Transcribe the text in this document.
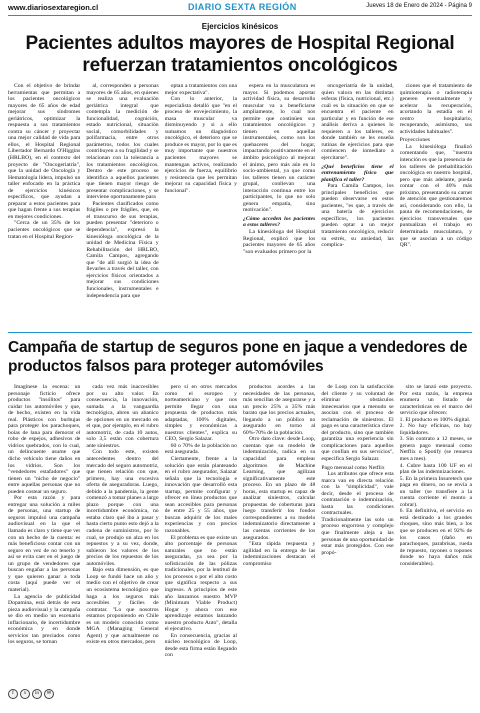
www.diariosextaregion.cl	DIARIO SEXTA REGIÓN	Jueves 18 de Enero de 2024 - Página 9
Ejercicios kinésicos
Pacientes adultos mayores de Hospital Regional refuerzan tratamientos oncológicos

Con el objetivo de brindar herramientas que permitan a los pacientes oncológicos mayores de 65 años de edad mejorar sus síndromes geriátricos, optimizar la respuesta a sus tratamientos contra su cáncer y proyectar una mejor calidad de vida para ellos, el Hospital Regional Libertador Bernardo O'Higgins (HRLBO), en el contexto del proyecto de "Oncogeriatría", que la unidad de Oncología y Hematología lidera, impulsó un taller enfocado en la práctica de ejercicios kinésicos específicos, que ayudan a preparar a estos pacientes para que hagan frente a sus terapias en mejores condiciones.

"Cerca de un 35% de los pacientes oncológicos que se tratan en el Hospital Region-

al, corresponden a personas mayores de 65 años, en quienes se realiza una evaluación geriátrica integral que contempla la medición de funcionalidad, cognición, estado nutricional, situación social, comorbilidades y polifarmacia, entre otros parámetros, todos los cuales contribuyen a su fragilidad y se relacionan con la tolerancia a los tratamientos oncológicos. Dentro de este proceso se identifica a aquellos pacientes que tienen mayor riesgo de presentar complicaciones, y se interviene oportunamente para

Pacientes clasificados como frágiles o pre frágiles, que, en el transcurso de sus terapias, pueden presentar "deterioro o dependencia", expresó la kinesióloga oncológica de la unidad de Medicina Física y Rehabilitación del HRLBO, Camila Campos, agregando que "de allí surgió la idea de llevarles a través del taller, con ejercicios físicos orientados a mejorar sus condiciones funcionales, instrumentales e independencia para que

optan a tratamientos con una mejor expectativa".

Con lo anterior, la especialista detalló que "en el proceso de envejecimiento, la masa muscular va disminuyendo y si a ello sumamos un diagnóstico oncológico, el deterioro que se produce es mayor, por lo que es muy importante que nuestros pacientes mayores se mantengan activos, realizando ejercicios de fuerza, equilibrio y resistencia que les permitan mejorar su capacidad física y funcional".

espera en la musculatura es mayor. Si podemos aportar actividad física, su desarrollo muscular va a beneficiarse ampliamente, lo cual nos permite que continúen sus tratamientos oncológicos y tienen en aquellas instrumentales, como son los quehaceres del hogar, impactando positivamente en el ámbito psicológico al mejorar el ánimo, pero más aún en lo socio-ambiental, ya que como los talleres tienen un carácter grupal, conllevan una interacción continua entre los participantes, lo que no solo genera empatía, sino motivación".

¿Cómo acceden los pacientes a estos talleres?

La kinesióloga del Hospital Regional, explicó que los pacientes mayores de 65 años "son evaluados primero por la

oncogeriatría de la unidad, quien valora en las distintas esferas (física, nutricional, etc.) cuál es la situación en que se encuentra el paciente en particular y en función de ese análisis deriva a quienes lo requieren a los talleres, en donde también se les enseña rutinas de ejercicios para que comiencen de inmediato a ejercitarse".

¿Qué beneficios tiene el entrenamiento físico que planifica el taller?

Para Camila Campos, los principales beneficios que pueden observarse en estos pacientes, "es que, a través de una batería de ejercicios específicos, los pacientes pueden optar a un mejor tratamiento oncológico, reducir su estrés, su ansiedad, las complica-

ciones que el tratamiento de quimioterapia o radioterapia generen eventualmente y acelerar la recuperación, acortando la estadía en el centro hospitalario, recuperando, asimismo, sus actividades habituales".

Proyecciones

La kinesióloga finalizó comentando que, "nuestra intención es que la presencia de los talleres de prehabilitación oncológica en nuestro hospital, pero que más adelante, pueda contar con el 40% más próximo, presentando su carnet de atención que gestionaremos así, considerando con ello, la pauta de recomendaciones, de ejercicios transversales que puntualizan el trabajo en determinada musculatura, y que se asocian a un código QR".

Campaña de startup de seguros pone en jaque a vendedores de productos falsos para proteger automóviles

Imagínese la escena: un personaje ficticio ofrece productos "insólitos" para cuidar los automóviles y que, de hecho, existen en la vida real. Plásticos con burbujas para proteger los parachoques, boías de lana para demorar el robo de espejos, adhesivos de vidrios quebrados, con lo cual, un delincuente asume que dicho vehículo tiene daños en los vidrios. Son los "vendedores estafadores" que tienen un "nicho de negocio" entre aquellas personas que no pueden costear un seguro.

Por esta razón y para entregar una solución a miles de personas, una startup de seguros impulsó una campaña audiovisual en la que el llamado es claro y tiene que ver con un hecho de la cuenta: es más beneficioso contar con un seguro en vez de no tenerlo y así se evita caer en el juego de un grupo de vendedores que buscan engañar a las personas y que quieren ganar a toda costa (aquí puede ver el material).

La agencia de publicidad Dopamina, está detrás de esta pieza audiovisual y la campaña se dio en medio un escenario inflacionario, de incertidumbre económica y en donde servicios tan preciados como los seguros, se tornan

cada vez más inaccesibles por su alto valor. En consecuencia, la innovación, sumada a la vanguardia tecnológica, abren un abanico de opciones en un mercado en el que, por ejemplo, en el rubro automotriz, de cada 10 autos, solo 3,5 están con cobertura ante siniestros.

Con todo este, existen antecedentes dentro del mercado del seguro automotriz, que tienen relación con que, primero, hay una excesiva oferta de aseguradoras. Luego, debido a la pandemia, la gente comenzó a tomar planes a largo plazo porque con una incertidumbre económica, no estaba claro qué iba a pasar y hasta cierto punto esto dejó a la cadena de suministros, por lo cual, se produjo un alza en los repuestos y a su vez, donde, subieron los valores de los precios de los repuestos de los automóviles.

Bajo esta dimensión, es que Loop se fundó hace un año y medio con el objetivo de crear un ecosistema tecnológico que haga a los seguros más accesibles y fáciles de contratar. "Lo que nosotros estamos proponiendo en Chile es un modelo conocido como MGA (Managing General Agent) y que actualmente no existe en otros mercados, pero

pero si en otros mercados como el europeo y norteamericano y que nos permite llegar con una propuesta de productos más adaptadas, 100% digitales, simples y económicas a nuestros clientes", explica su CEO, Sergio Salazar.

60 o 70% de la población no está asegurada.

Ciertamente, frente a la solución que están planteando en el rubro asegurador, Salazar señala que la tecnología e innovación que desarrolló esta startup, permite configurar y ofrecer en línea productos que sean accesibles para personas de entre 25 y 55 años, que buscan adquirir de los males experiencias y con precios razonables.

El problema es que existe un alto porcentaje de personas naturales que no están aseguradas, ya sea por la sofisticación de las pólizas tradicionales, por la lentitud de los procesos o por el alto costo que significa respecto a sus ingresos. A principios de este año lanzamos nuestro MVP (Minimum Viable Product) Hogar y ahora con ese aprendizaje estamos lanzando nuestro producto Auto", detalla el ejecutivo.

En consecuencia, gracias al núcleo tecnológico de Loop, desde esta firma están llegando con

productos acordes a las necesidades de las personas, más sencillas de asegurarse y a un precio 25% a 35% más barato que los precios actuales, llegando a un público no asegurado en torno al 60%-70% de la población.

Otro dato clave: desde Loop, cuentan que su modelo de indemnización, radica en su capacidad para emplear algoritmos de Machine Learning, que agilizan significativamente este proceso. En un plazo de 48 horas, esta startup es capaz de analizar siniestros, calcular propuestas de coberturas para luego transferir los fondos correspondientes a su modelo indemnizatorio directamente a las cuentas corrientes de los asegurados.

"Esta rápida respuesta y agilidad en la entrega de las indemnizaciones destacan el compromiso

de Loop con la satisfacción del cliente y su voluntad de eliminar obstáculos innecesarios que a menudo se asocian con el proceso de reclamación de siniestros. El pago es una característica clave del producto, sino que también garantiza una experiencia sin complicaciones para aquellos que confían en sus servicios", especifica Sergio Salazar.

Pago mensual como Netflix

Los atributos que ofrece esta marca van en directa relación con la "simplicidad", vale decir, desde el proceso de contratación o indemnización, hasta las condiciones contractuales. Tradicionalmente las solo un proceso engorroso y complejo que finalmente aleja a las personas de una oportunidad de estar más protegidos. Con ese propó-

sito se lanzó este proyecto. Por esta razón, la empresa enumera un listado de características en el marco del servicio que ofrecen:

1. El producto es 100% digital.

2. No hay eficinas, no hay liquidadores.

3. Sin contrato a 12 meses, se genera pago mensual como Netflix o Spotify (se renueva mes a mes).

4. Cubre hasta 100 UF en el plan de las indemnizaciones.

5. En la primera Insuretech que paga en dinero, no se envía a un taller (se transfiere a la cuenta corriente el monto a cobrar).

6. En definitiva, el servicio en está destinado a los grandes choques, sino más bien, a los que se producen en el 92% de los casos (daño en parachoques, parabrisas, rueda de repuesto, rayones o topones donde no haya daños más considerables).

f	x	in	✉
